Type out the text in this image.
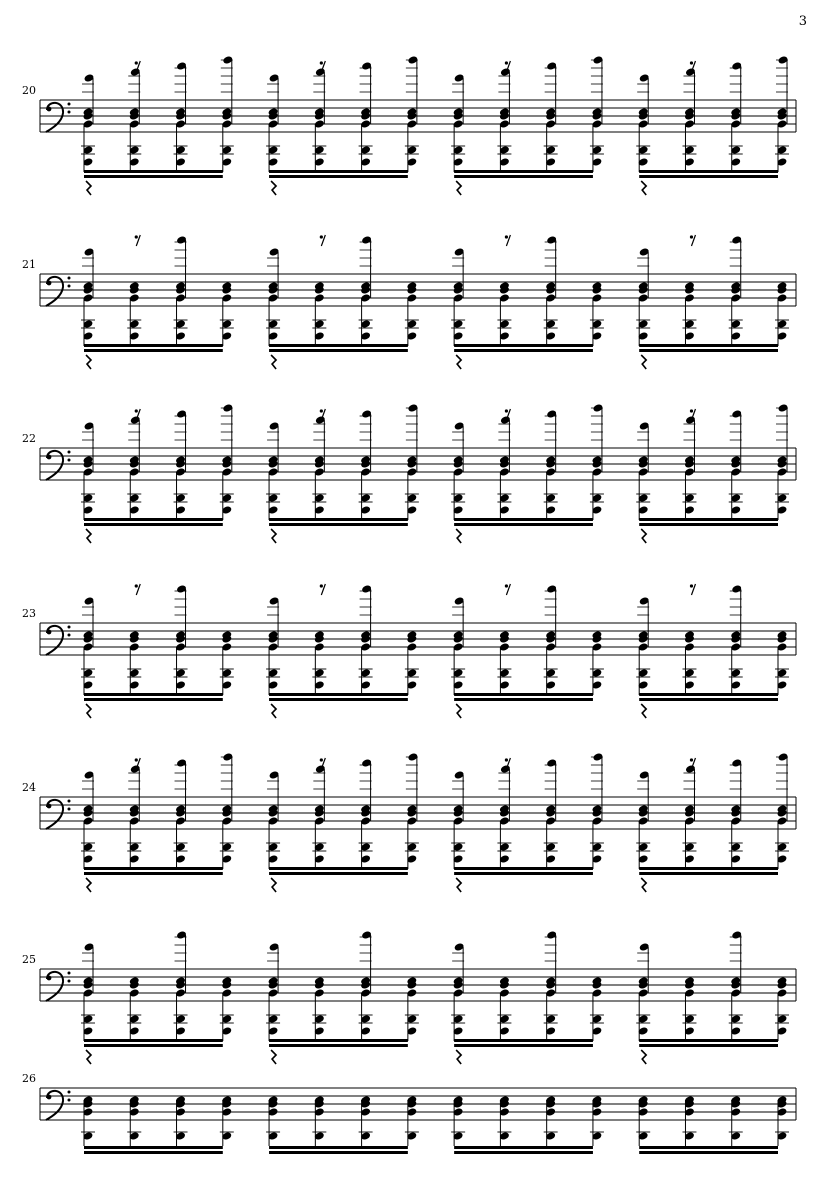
3
20
21
22
23
24
25
26
